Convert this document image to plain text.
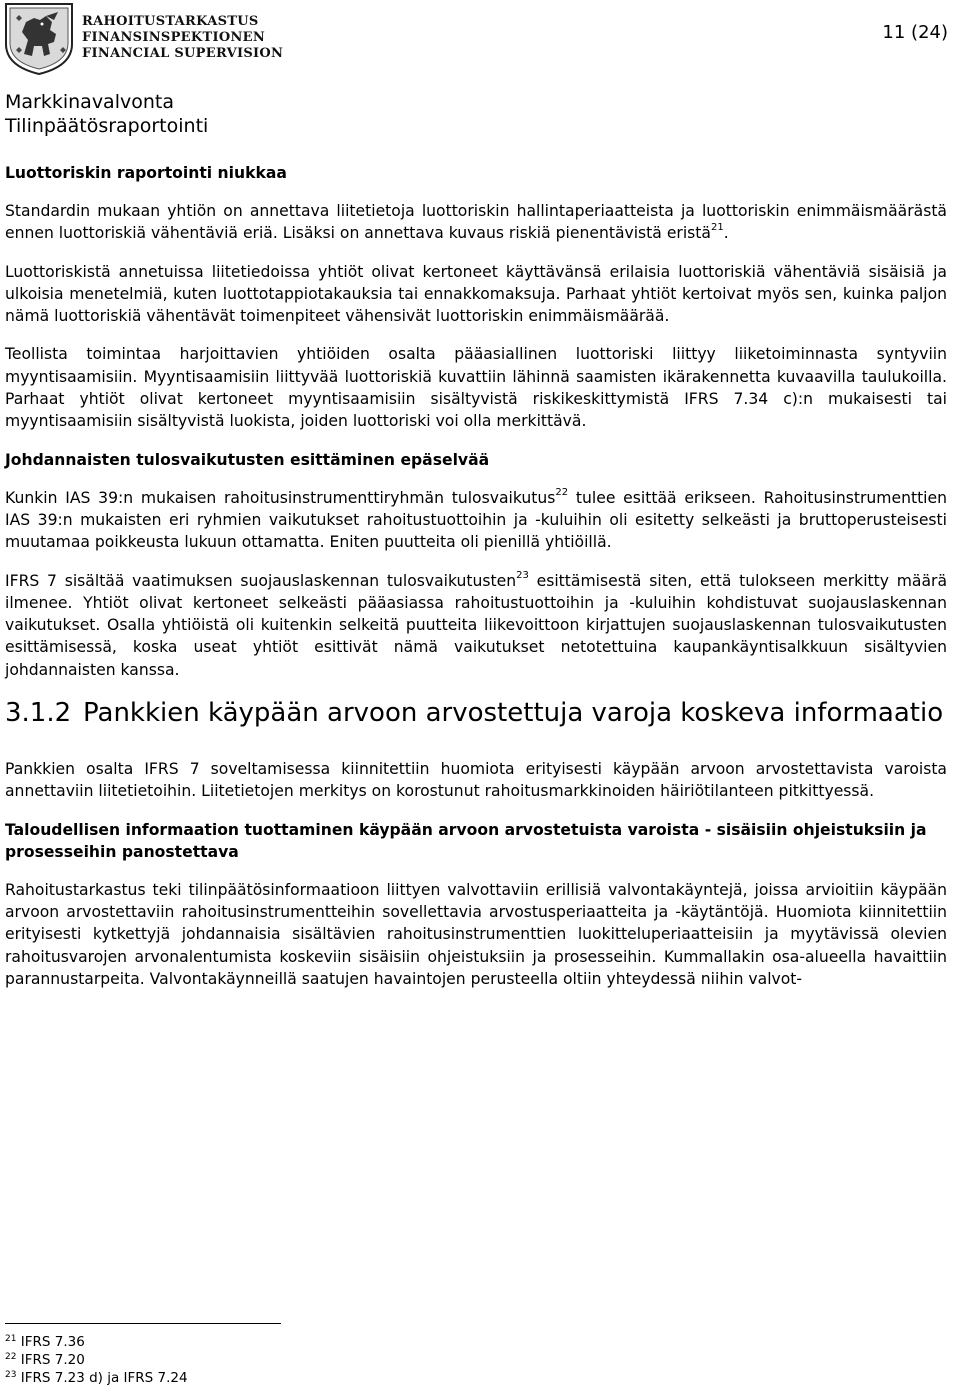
RAHOITUSTARKASTUS
FINANSINSPEKTIONEN
FINANCIAL SUPERVISION
11 (24)
Markkinavalvonta
Tilinpäätösraportointi
Luottoriskin raportointi niukkaa

Standardin mukaan yhtiön on annettava liitetietoja luottoriskin hallintaperiaatteista ja luottoriskin enimmäismäärästä ennen luottoriskiä vähentäviä eriä. Lisäksi on annettava kuvaus riskiä pienentävistä eristä$^{21}$.

Luottoriskistä annetuissa liitetiedoissa yhtiöt olivat kertoneet käyttävänsä erilaisia luottoriskiä vähentäviä sisäisiä ja ulkoisia menetelmiä, kuten luottotappiotakauksia tai ennakkomaksuja. Parhaat yhtiöt kertoivat myös sen, kuinka paljon nämä luottoriskiä vähentävät toimenpiteet vähensivät luottoriskin enimmäismäärää.

Teollista toimintaa harjoittavien yhtiöiden osalta pääasiallinen luottoriski liittyy liiketoiminnasta syntyviin myyntisaamisiin. Myyntisaamisiin liittyvää luottoriskiä kuvattiin lähinnä saamisten ikärakennetta kuvaavilla taulukoilla. Parhaat yhtiöt olivat kertoneet myyntisaamisiin sisältyvistä riskikeskittymistä IFRS 7.34 c):n mukaisesti tai myyntisaamisiin sisältyvistä luokista, joiden luottoriski voi olla merkittävä.

Johdannaisten tulosvaikutusten esittäminen epäselvää

Kunkin IAS 39:n mukaisen rahoitusinstrumenttiryhmän tulosvaikutus$^{22}$ tulee esittää erikseen. Rahoitusinstrumenttien IAS 39:n mukaisten eri ryhmien vaikutukset rahoitustuottoihin ja -kuluihin oli esitetty selkeästi ja bruttoperusteisesti muutamaa poikkeusta lukuun ottamatta. Eniten puutteita oli pienillä yhtiöillä.

IFRS 7 sisältää vaatimuksen suojauslaskennan tulosvaikutusten$^{23}$ esittämisestä siten, että tulokseen merkitty määrä ilmenee. Yhtiöt olivat kertoneet selkeästi pääasiassa rahoitustuottoihin ja -kuluihin kohdistuvat suojauslaskennan vaikutukset. Osalla yhtiöistä oli kuitenkin selkeitä puutteita liikevoittoon kirjattujen suojauslaskennan tulosvaikutusten esittämisessä, koska useat yhtiöt esittivät nämä vaikutukset netotettuina kaupankäyntisalkkuun sisältyvien johdannaisten kanssa.

3.1.2 Pankkien käypään arvoon arvostettuja varoja koskeva informaatio

Pankkien osalta IFRS 7 soveltamisessa kiinnitettiin huomiota erityisesti käypään arvoon arvostettavista varoista annettaviin liitetietoihin. Liitetietojen merkitys on korostunut rahoitusmarkkinoiden häiriötilanteen pitkittyessä.

Taloudellisen informaation tuottaminen käypään arvoon arvostetuista varoista - sisäisiin ohjeistuksiin ja prosesseihin panostettava

Rahoitustarkastus teki tilinpäätösinformaatioon liittyen valvottaviin erillisiä valvontakäyntejä, joissa arvioitiin käypään arvoon arvostettaviin rahoitusinstrumentteihin sovellettavia arvostusperiaatteita ja -käytäntöjä. Huomiota kiinnitettiin erityisesti kytkettyjä johdannaisia sisältävien rahoitusinstrumenttien luokitteluperiaatteisiin ja myytävissä olevien rahoitusvarojen arvonalentumista koskeviin sisäisiin ohjeistuksiin ja prosesseihin. Kummallakin osa-alueella havaittiin parannustarpeita. Valvontakäynneillä saatujen havaintojen perusteella oltiin yhteydessä niihin valvot-

$^{21}$ IFRS 7.36
$^{22}$ IFRS 7.20
$^{23}$ IFRS 7.23 d) ja IFRS 7.24
